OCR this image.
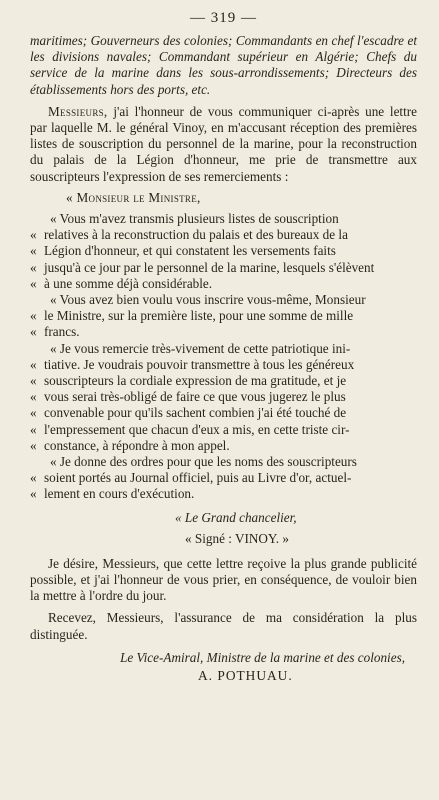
— 319 —

maritimes; Gouverneurs des colonies; Commandants en chef l'escadre et les divisions navales; Commandant supérieur en Algérie; Chefs du service de la marine dans les sous-arrondissements; Directeurs des établissements hors des ports, etc.

Messieurs, j'ai l'honneur de vous communiquer ci-après une lettre par laquelle M. le général Vinoy, en m'accusant réception des premières listes de souscription du personnel de la marine, pour la reconstruction du palais de la Légion d'honneur, me prie de transmettre aux souscripteurs l'expression de ses remerciements :

« Monsieur le Ministre,

« Vous m'avez transmis plusieurs listes de souscription
« relatives à la reconstruction du palais et des bureaux de la
« Légion d'honneur, et qui constatent les versements faits
« jusqu'à ce jour par le personnel de la marine, lesquels s'élèvent
« à une somme déjà considérable.
« Vous avez bien voulu vous inscrire vous-même, Monsieur
« le Ministre, sur la première liste, pour une somme de mille
« francs.
« Je vous remercie très-vivement de cette patriotique ini-
« tiative. Je voudrais pouvoir transmettre à tous les généreux
« souscripteurs la cordiale expression de ma gratitude, et je
« vous serai très-obligé de faire ce que vous jugerez le plus
« convenable pour qu'ils sachent combien j'ai été touché de
« l'empressement que chacun d'eux a mis, en cette triste cir-
« constance, à répondre à mon appel.
« Je donne des ordres pour que les noms des souscripteurs
« soient portés au Journal officiel, puis au Livre d'or, actuel-
« lement en cours d'exécution.
« Le Grand chancelier,
« Signé : VINOY. »

Je désire, Messieurs, que cette lettre reçoive la plus grande publicité possible, et j'ai l'honneur de vous prier, en conséquence, de vouloir bien la mettre à l'ordre du jour.

Recevez, Messieurs, l'assurance de ma considération la plus distinguée.

Le Vice-Amiral, Ministre de la marine et des colonies,
A. POTHUAU.
